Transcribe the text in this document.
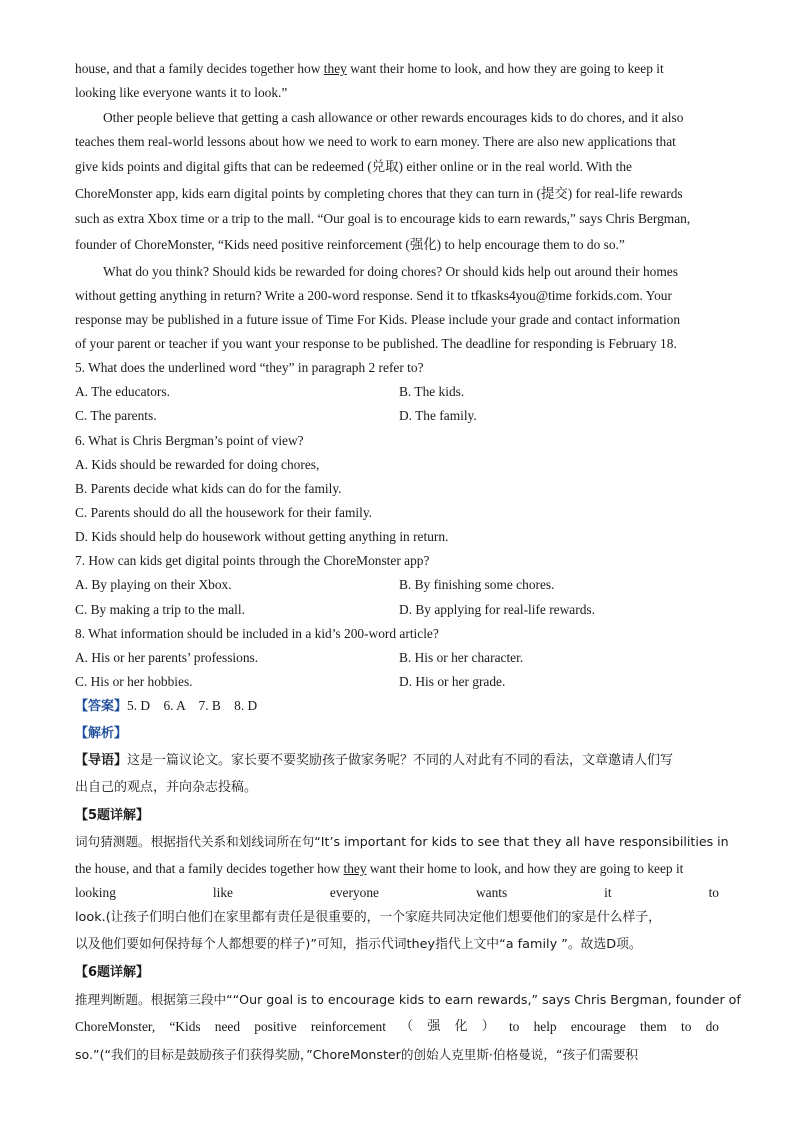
house, and that a family decides together how they want their home to look, and how they are going to keep it
looking like everyone wants it to look.”
Other people believe that getting a cash allowance or other rewards encourages kids to do chores, and it also
teaches them real-world lessons about how we need to work to earn money. There are also new applications that
give kids points and digital gifts that can be redeemed (兑取) either online or in the real world. With the
ChoreMonster app, kids earn digital points by completing chores that they can turn in (提交) for real-life rewards
such as extra Xbox time or a trip to the mall. “Our goal is to encourage kids to earn rewards,” says Chris Bergman,
founder of ChoreMonster, “Kids need positive reinforcement (强化) to help encourage them to do so.”
What do you think? Should kids be rewarded for doing chores? Or should kids help out around their homes
without getting anything in return? Write a 200-word response. Send it to tfkasks4you@time forkids.com. Your
response may be published in a future issue of Time For Kids. Please include your grade and contact information
of your parent or teacher if you want your response to be published. The deadline for responding is February 18.
5. What does the underlined word “they” in paragraph 2 refer to?
A. The educators.	B. The kids.
C. The parents.	D. The family.
6. What is Chris Bergman’s point of view?
A. Kids should be rewarded for doing chores,
B. Parents decide what kids can do for the family.
C. Parents should do all the housework for their family.
D. Kids should help do housework without getting anything in return.
7. How can kids get digital points through the ChoreMonster app?
A. By playing on their Xbox.	B. By finishing some chores.
C. By making a trip to the mall.	D. By applying for real-life rewards.
8. What information should be included in a kid’s 200-word article?
A. His or her parents’ professions.	B. His or her character.
C. His or her hobbies.	D. His or her grade.
【答案】5. D    6. A    7. B    8. D
【解析】
【导语】这是一篇议论文。家长要不要奖励孩子做家务呢？不同的人对此有不同的看法，文章邀请人们写
出自己的观点，并向杂志投稿。
【5题详解】
词句猜测题。根据指代关系和划线词所在句“It’s important for kids to see that they all have responsibilities in
the house, and that a family decides together how they want their home to look, and how they are going to keep it
looking	like	everyone	wants	it	to
look.(让孩子们明白他们在家里都有责任是很重要的，一个家庭共同决定他们想要他们的家是什么样子，
以及他们要如何保持每个人都想要的样子)”可知，指示代词they指代上文中“a family ”。故选D项。
【6题详解】
推理判断题。根据第三段中““Our goal is to encourage kids to earn rewards,” says Chris Bergman, founder of
ChoreMonster, “Kids need positive reinforcement （ 强 化 ） to help encourage them to do
so.”(“我们的目标是鼓励孩子们获得奖励，”ChoreMonster的创始人克里斯·伯格曼说，“孩子们需要积
